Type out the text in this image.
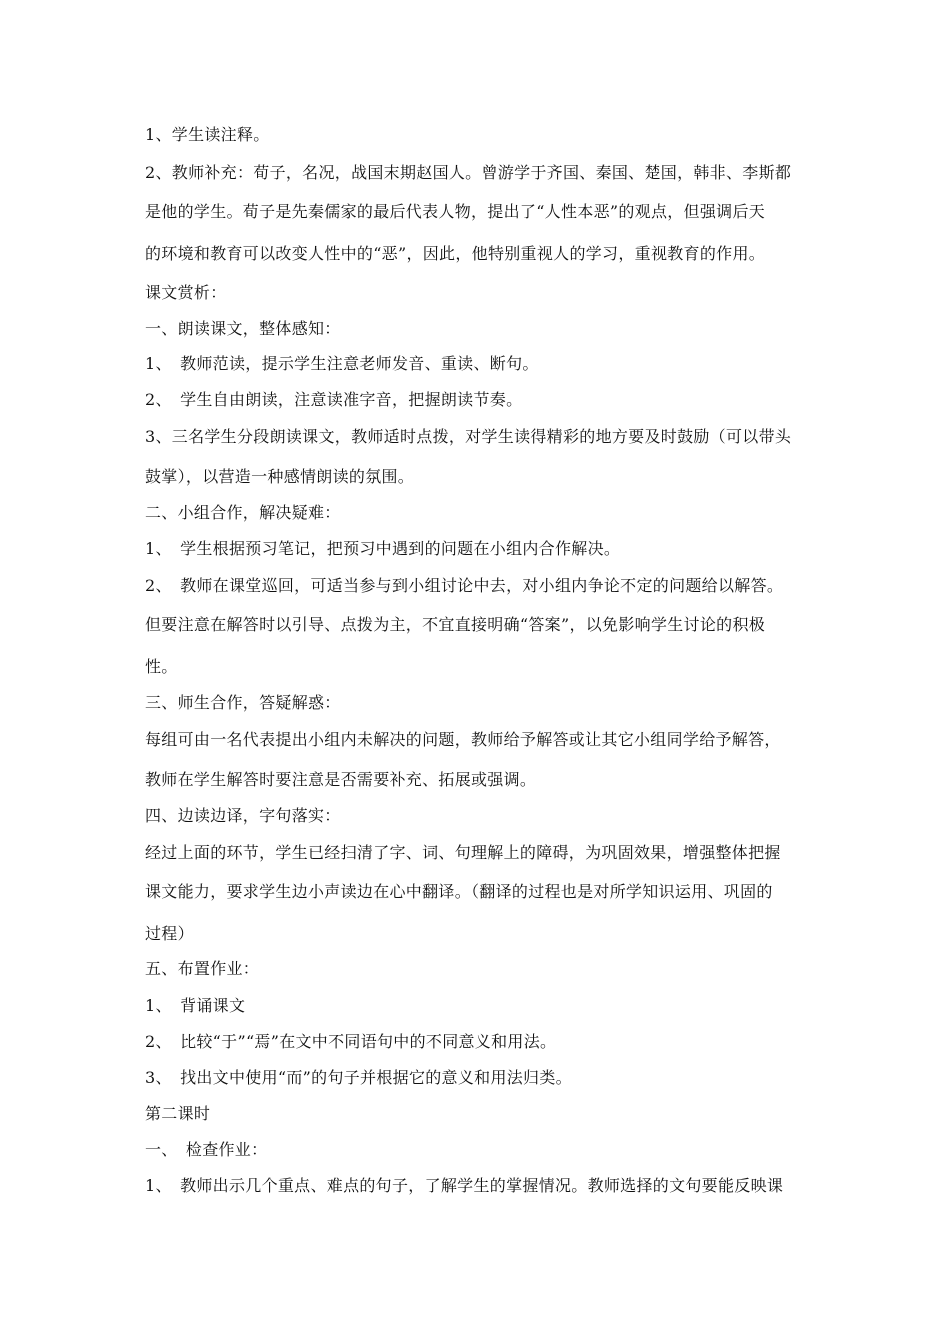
1、学生读注释。
2、教师补充：荀子，名况，战国末期赵国人。曾游学于齐国、秦国、楚国，韩非、李斯都
是他的学生。荀子是先秦儒家的最后代表人物，提出了“人性本恶”的观点，但强调后天
的环境和教育可以改变人性中的“恶”，因此，他特别重视人的学习，重视教育的作用。
课文赏析：
一、朗读课文，整体感知：
1、　教师范读，提示学生注意老师发音、重读、断句。
2、　学生自由朗读，注意读准字音，把握朗读节奏。
3、三名学生分段朗读课文，教师适时点拨，对学生读得精彩的地方要及时鼓励（可以带头
鼓掌），以营造一种感情朗读的氛围。
二、小组合作，解决疑难：
1、　学生根据预习笔记，把预习中遇到的问题在小组内合作解决。
2、　教师在课堂巡回，可适当参与到小组讨论中去，对小组内争论不定的问题给以解答。
但要注意在解答时以引导、点拨为主，不宜直接明确“答案”，以免影响学生讨论的积极
性。
三、师生合作，答疑解惑：
每组可由一名代表提出小组内未解决的问题，教师给予解答或让其它小组同学给予解答，
教师在学生解答时要注意是否需要补充、拓展或强调。
四、边读边译，字句落实：
经过上面的环节，学生已经扫清了字、词、句理解上的障碍，为巩固效果，增强整体把握
课文能力，要求学生边小声读边在心中翻译。（翻译的过程也是对所学知识运用、巩固的
过程）
五、布置作业：
1、　背诵课文
2、　比较“于”“焉”在文中不同语句中的不同意义和用法。
3、　找出文中使用“而”的句子并根据它的意义和用法归类。
第二课时
一、　检查作业：
1、　教师出示几个重点、难点的句子，了解学生的掌握情况。教师选择的文句要能反映课
